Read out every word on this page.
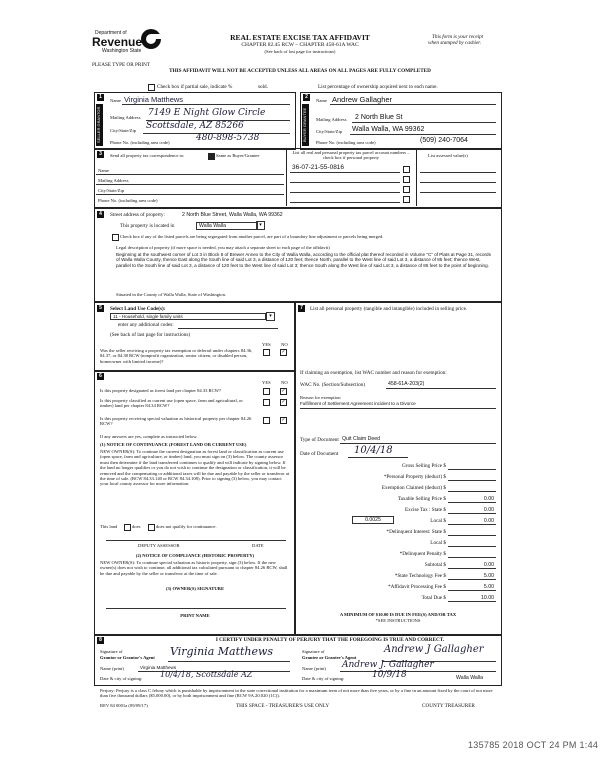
Department of
Revenue
Washington State
REAL ESTATE EXCISE TAX AFFIDAVIT
CHAPTER 82.45 RCW – CHAPTER 458-61A WAC
(See back of last page for instructions)
PLEASE TYPE OR PRINT
This form is your receipt
when stamped by cashier.
THIS AFFIDAVIT WILL NOT BE ACCEPTED UNLESS ALL AREAS ON ALL PAGES ARE FULLY COMPLETED
Check box if partial sale, indicate %	sold.	List percentage of ownership acquired next to each name.
1	2
SELLER GRANTOR	BUYER GRANTEE
Name Virginia Matthews
Mailing Address 7149 E Night Glow Circle
City/State/Zip Scottsdale, AZ 85266
Phone No. (including area code)	480-898-5738
Name Andrew Gallagher
Mailing Address 2 North Blue St
City/State/Zip Walla Walla, WA 99362
Phone No. (including area code)	(509) 240-7064
3	Send all property tax correspondence to:	Same as Buyer/Grantee
Name
Mailing Address
City/State/Zip
Phone No. (including area code)
List all real and personal property tax parcel account numbers – check box if personal property	List assessed value(s)
36-07-21-55-0816
4	Street address of property:	2 North Blue Street, Walla Walla, WA 99362
This property is located in	Walla Walla	▾
Check box if any of the listed parcels are being segregated from another parcel, are part of a boundary line adjustment or parcels being merged.
Legal description of property (if more space is needed, you may attach a separate sheet to each page of the affidavit)
Beginning at the southwest corner of Lot 3 in Block 8 of Brewer Annex to the City of Walla Walla, according to the official plat thereof recorded in Volume "C" of Plats at Page 31, records of Walla Walla County, thence East along the South line of said Lot 3, a distance of 120 feet; thence North, parallel to the West line of said Lot 3, a distance of 85 feet; thence West, parallel to the South line of said Lot 3, a distance of 120 feet to the West line of said Lot 3; thence South along the West line of said Lot 3, a distance of 85 feet to the point of beginning.
Situated in the County of Walla Walla, State of Washington.
5	Select Land Use Code(s):
11 - Household, single family units	▾
enter any additional codes:
(See back of last page for instructions)
YES NO
Was the seller receiving a property tax exemption or deferral under chapters 84.36, 84.37, or 84.38 RCW (nonprofit organization, senior citizen, or disabled person, homeowner with limited income)?
✓
6
YES NO
Is this property designated as forest land per chapter 84.33 RCW?	✓
Is this property classified as current use (open space, farm and agricultural, or timber) land per chapter 84.34 RCW?
✓
Is this property receiving special valuation as historical property per chapter 84.26 RCW?
✓
If any answers are yes, complete as instructed below.
(1) NOTICE OF CONTINUANCE (FOREST LAND OR CURRENT USE)
NEW OWNER(S): To continue the current designation as forest land or classification as current use (open space, farm and agriculture, or timber) land, you must sign on (3) below. The county assessor must then determine if the land transferred continues to qualify and will indicate by signing below. If the land no longer qualifies or you do not wish to continue the designation or classification, it will be removed and the compensating or additional taxes will be due and payable by the seller or transferor at the time of sale. (RCW 84.33.140 or RCW 84.34.108). Prior to signing (3) below, you may contact your local county assessor for more information.
This land	does	does not qualify for continuance.
DEPUTY ASSESSOR	DATE
(2) NOTICE OF COMPLIANCE (HISTORIC PROPERTY)
NEW OWNER(S): To continue special valuation as historic property, sign (3) below. If the new owner(s) does not wish to continue, all additional tax calculated pursuant to chapter 84.26 RCW, shall be due and payable by the seller or transferor at the time of sale.
(3) OWNER(S) SIGNATURE
PRINT NAME
7	List all personal property (tangible and intangible) included in selling price.
If claiming an exemption, list WAC number and reason for exemption:
WAC No. (Section/Subsection)	458-61A-203(2)
Reason for exemption
Fulfillment of Settlement Agreement incident to a Divorce
Type of Document Quit Claim Deed
Date of Document 10/4/18
Gross Selling Price $
*Personal Property (deduct) $
Exemption Claimed (deduct) $
Taxable Selling Price $	0.00
Excise Tax : State $	0.00
0.0025	Local $	0.00
*Delinquent Interest: State $
Local $
*Delinquent Penalty $
Subtotal $	0.00
*State Technology Fee $	5.00
*Affidavit Processing Fee $	5.00
Total Due $	10.00
A MINIMUM OF $10.00 IS DUE IN FEE(S) AND/OR TAX
*SEE INSTRUCTIONS
8	I CERTIFY UNDER PENALTY OF PERJURY THAT THE FOREGOING IS TRUE AND CORRECT.
Signature of
Grantor or Grantor's Agent Virginia Matthews
Name (print)	Virginia Matthews
Date & city of signing: 10/4/18, Scottsdale AZ
Signature of
Grantee or Grantee's Agent
Andrew J Gallagher
Name (print) Andrew J. Gallagher
Date & city of signing:	10/9/18	Walla Walla
Perjury: Perjury is a class C felony which is punishable by imprisonment in the state correctional institution for a maximum term of not more than five years, or by a fine in an amount fixed by the court of not more than five thousand dollars ($5,000.00), or by both imprisonment and fine (RCW 9A.20.020 (1C)).
REV 84 0001a (09/09/17)	THIS SPACE - TREASURER'S USE ONLY	COUNTY TREASURER
135785 2018 OCT 24 PM 1:44
